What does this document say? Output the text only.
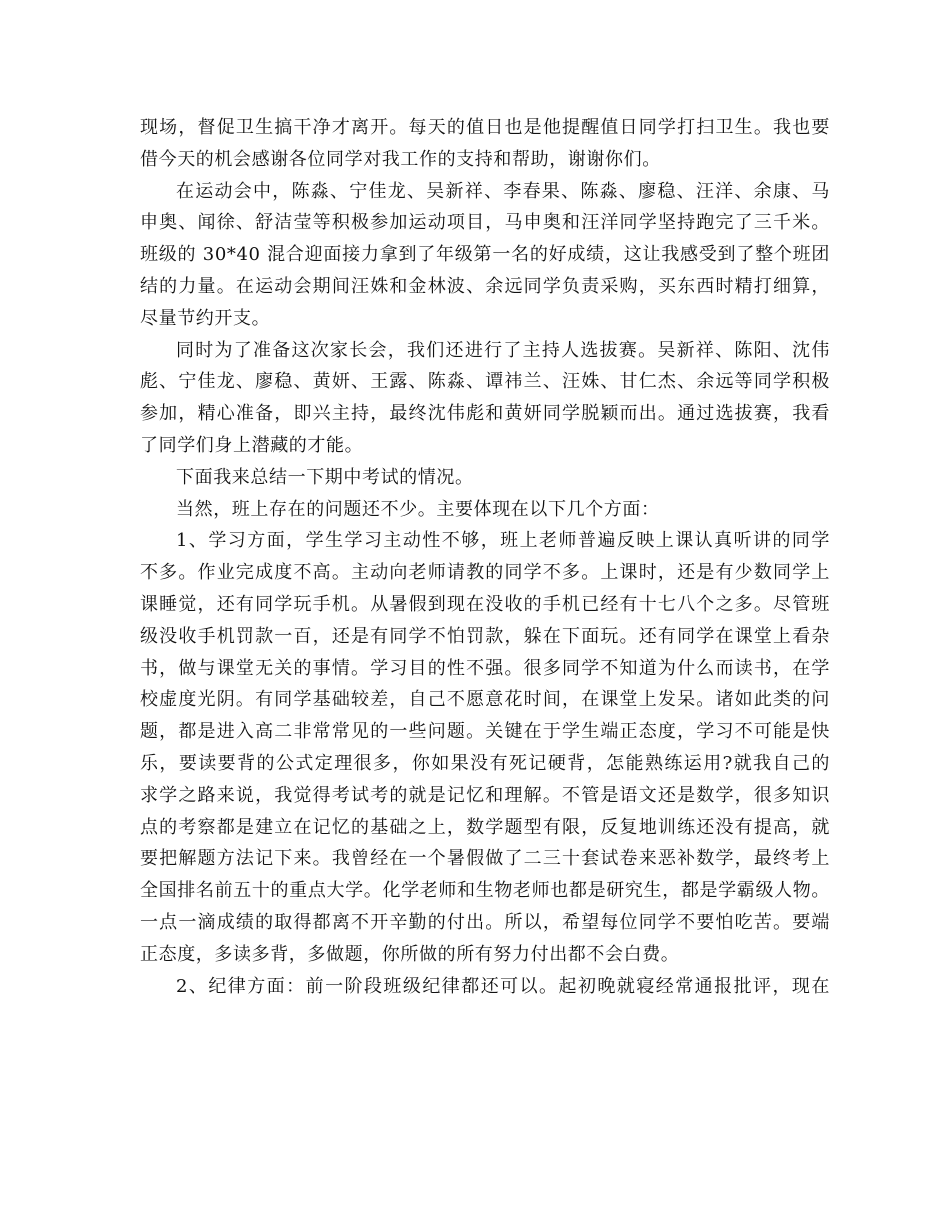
现场，督促卫生搞干净才离开。每天的值日也是他提醒值日同学打扫卫生。我也要
借今天的机会感谢各位同学对我工作的支持和帮助，谢谢你们。
在运动会中，陈淼、宁佳龙、吴新祥、李春果、陈淼、廖稳、汪洋、余康、马
申奥、闻徐、舒洁莹等积极参加运动项目，马申奥和汪洋同学坚持跑完了三千米。
班级的 30*40 混合迎面接力拿到了年级第一名的好成绩，这让我感受到了整个班团
结的力量。在运动会期间汪姝和金林波、余远同学负责采购，买东西时精打细算，
尽量节约开支。
同时为了准备这次家长会，我们还进行了主持人选拔赛。吴新祥、陈阳、沈伟
彪、宁佳龙、廖稳、黄妍、王露、陈淼、谭祎兰、汪姝、甘仁杰、余远等同学积极
参加，精心准备，即兴主持，最终沈伟彪和黄妍同学脱颖而出。通过选拔赛，我看
了同学们身上潜藏的才能。
下面我来总结一下期中考试的情况。
当然，班上存在的问题还不少。主要体现在以下几个方面：
1、学习方面，学生学习主动性不够，班上老师普遍反映上课认真听讲的同学
不多。作业完成度不高。主动向老师请教的同学不多。上课时，还是有少数同学上
课睡觉，还有同学玩手机。从暑假到现在没收的手机已经有十七八个之多。尽管班
级没收手机罚款一百，还是有同学不怕罚款，躲在下面玩。还有同学在课堂上看杂
书，做与课堂无关的事情。学习目的性不强。很多同学不知道为什么而读书，在学
校虚度光阴。有同学基础较差，自己不愿意花时间，在课堂上发呆。诸如此类的问
题，都是进入高二非常常见的一些问题。关键在于学生端正态度，学习不可能是快
乐，要读要背的公式定理很多，你如果没有死记硬背，怎能熟练运用?就我自己的
求学之路来说，我觉得考试考的就是记忆和理解。不管是语文还是数学，很多知识
点的考察都是建立在记忆的基础之上，数学题型有限，反复地训练还没有提高，就
要把解题方法记下来。我曾经在一个暑假做了二三十套试卷来恶补数学，最终考上
全国排名前五十的重点大学。化学老师和生物老师也都是研究生，都是学霸级人物。
一点一滴成绩的取得都离不开辛勤的付出。所以，希望每位同学不要怕吃苦。要端
正态度，多读多背，多做题，你所做的所有努力付出都不会白费。
2、纪律方面：前一阶段班级纪律都还可以。起初晚就寝经常通报批评，现在
